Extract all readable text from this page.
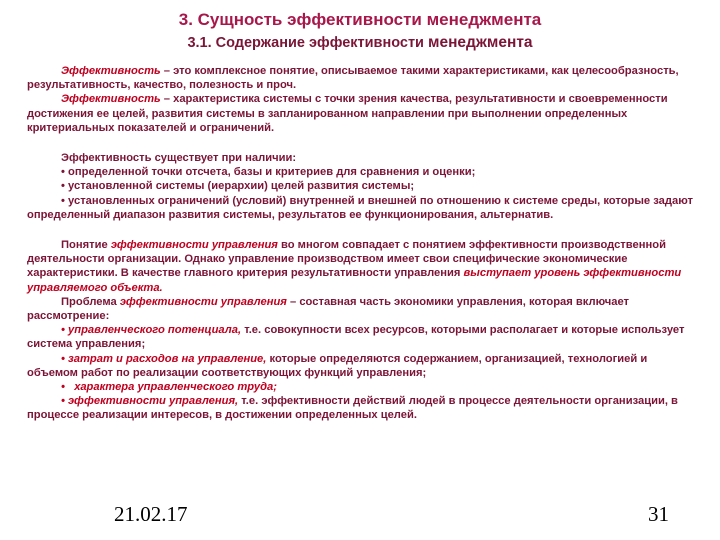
3. Сущность эффективности менеджмента
3.1. Содержание эффективности менеджмента

Эффективность – это комплексное понятие, описываемое такими характеристиками, как целесообразность, результативность, качество, полезность и проч.

Эффективность – характеристика системы с точки зрения качества, результативности и своевременности достижения ее целей, развития системы в запланированном направлении при выполнении определенных критериальных показателей и ограничений.

Эффективность существует при наличии:

• определенной точки отсчета, базы и критериев для сравнения и оценки;

• установленной системы (иерархии) целей развития системы;

• установленных ограничений (условий) внутренней и внешней по отношению к системе среды, которые задают определенный диапазон развития системы, результатов ее функционирования, альтернатив.

Понятие эффективности управления во многом совпадает с понятием эффективности производственной деятельности организации. Однако управление производством имеет свои специфические экономические характеристики. В качестве главного критерия результативности управления выступает уровень эффективности управляемого объекта.

Проблема эффективности управления – составная часть экономики управления, которая включает рассмотрение:

• управленческого потенциала, т.е. совокупности всех ресурсов, которыми располагает и которые использует система управления;

• затрат и расходов на управление, которые определяются содержанием, организацией, технологией и объемом работ по реализации соответствующих функций управления;

• характера управленческого труда;

• эффективности управления, т.е. эффективности действий людей в процессе деятельности организации, в процессе реализации интересов, в достижении определенных целей.

21.02.17	31
